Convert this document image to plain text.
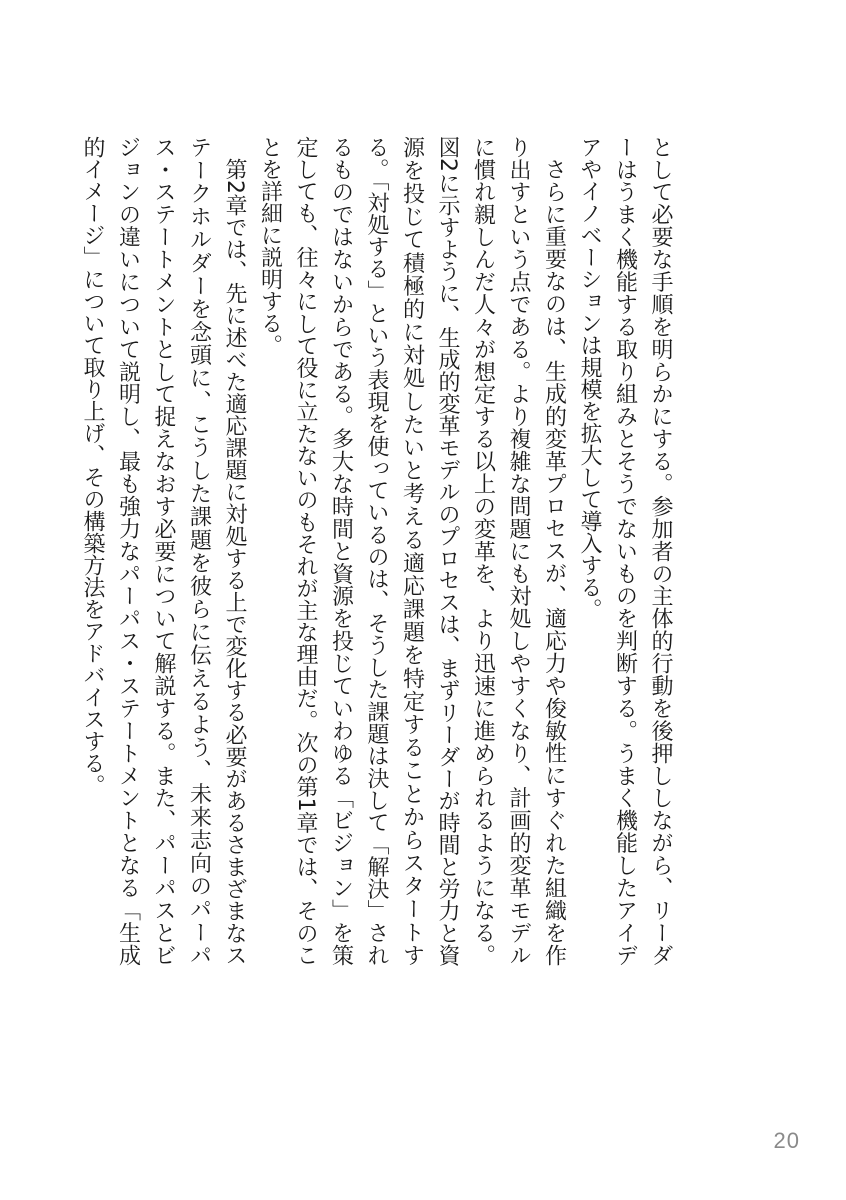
として必要な手順を明らかにする。参加者の主体的行動を後押ししながら、リーダーはうまく機能する取り組みとそうでないものを判断する。うまく機能したアイデアやイノベーションは規模を拡大して導入する。

さらに重要なのは、生成的変革プロセスが、適応力や俊敏性にすぐれた組織を作り出すという点である。より複雑な問題にも対処しやすくなり、計画的変革モデルに慣れ親しんだ人々が想定する以上の変革を、より迅速に進められるようになる。図2に示すように、生成的変革モデルのプロセスは、まずリーダーが時間と労力と資源を投じて積極的に対処したいと考える適応課題を特定することからスタートする。「対処する」という表現を使っているのは、そうした課題は決して「解決」されるものではないからである。多大な時間と資源を投じていわゆる「ビジョン」を策定しても、往々にして役に立たないのもそれが主な理由だ。次の第1章では、そのことを詳細に説明する。

第2章では、先に述べた適応課題に対処する上で変化する必要があるさまざまなステークホルダーを念頭に、こうした課題を彼らに伝えるよう、未来志向のパーパス・ステートメントとして捉えなおす必要について解説する。また、パーパスとビジョンの違いについて説明し、最も強力なパーパス・ステートメントとなる「生成的イメージ」について取り上げ、その構築方法をアドバイスする。

20
